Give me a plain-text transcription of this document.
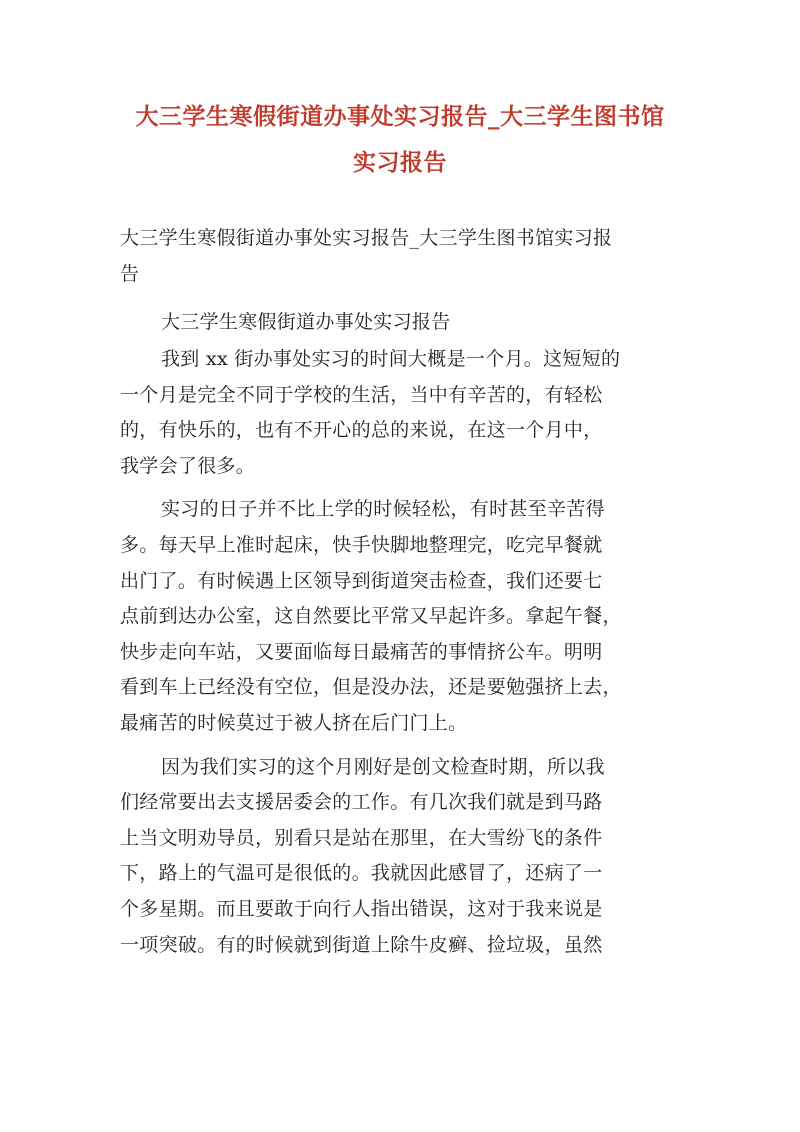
大三学生寒假街道办事处实习报告_大三学生图书馆
实习报告
大三学生寒假街道办事处实习报告_大三学生图书馆实习报
告
大三学生寒假街道办事处实习报告
我到 xx 街办事处实习的时间大概是一个月。这短短的
一个月是完全不同于学校的生活，当中有辛苦的，有轻松
的，有快乐的，也有不开心的总的来说，在这一个月中，
我学会了很多。
实习的日子并不比上学的时候轻松，有时甚至辛苦得
多。每天早上准时起床，快手快脚地整理完，吃完早餐就
出门了。有时候遇上区领导到街道突击检查，我们还要七
点前到达办公室，这自然要比平常又早起许多。拿起午餐，
快步走向车站，又要面临每日最痛苦的事情挤公车。明明
看到车上已经没有空位，但是没办法，还是要勉强挤上去，
最痛苦的时候莫过于被人挤在后门门上。
因为我们实习的这个月刚好是创文检查时期，所以我
们经常要出去支援居委会的工作。有几次我们就是到马路
上当文明劝导员，别看只是站在那里，在大雪纷飞的条件
下，路上的气温可是很低的。我就因此感冒了，还病了一
个多星期。而且要敢于向行人指出错误，这对于我来说是
一项突破。有的时候就到街道上除牛皮癣、捡垃圾，虽然
